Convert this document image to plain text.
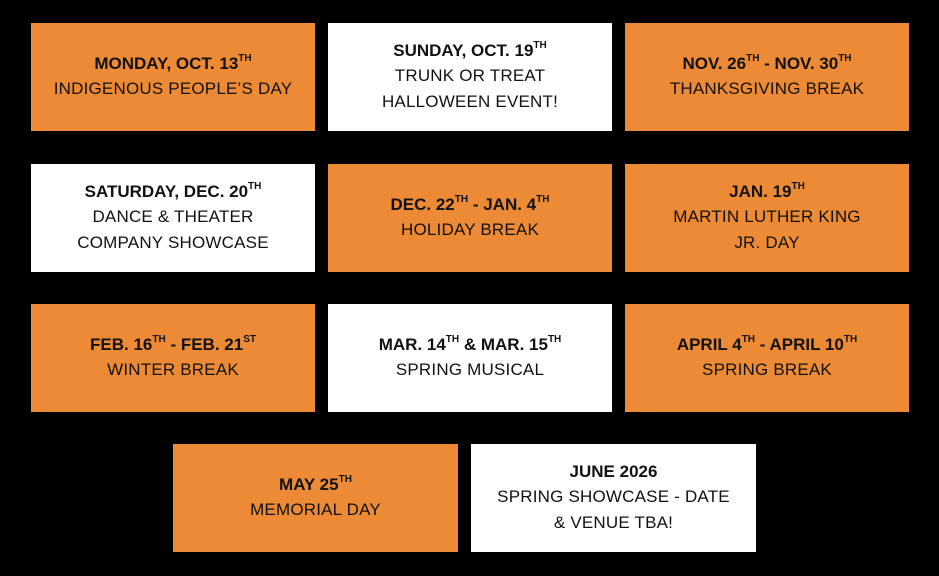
MONDAY, OCT. 13TH
INDIGENOUS PEOPLE’S DAY
SUNDAY, OCT. 19TH
TRUNK OR TREAT
HALLOWEEN EVENT!
NOV. 26TH - NOV. 30TH
THANKSGIVING BREAK
SATURDAY, DEC. 20TH
DANCE & THEATER
COMPANY SHOWCASE
DEC. 22TH - JAN. 4TH
HOLIDAY BREAK
JAN. 19TH
MARTIN LUTHER KING
JR. DAY
FEB. 16TH - FEB. 21ST
WINTER BREAK
MAR. 14TH & MAR. 15TH
SPRING MUSICAL
APRIL 4TH - APRIL 10TH
SPRING BREAK
MAY 25TH
MEMORIAL DAY
JUNE 2026
SPRING SHOWCASE - DATE
& VENUE TBA!
